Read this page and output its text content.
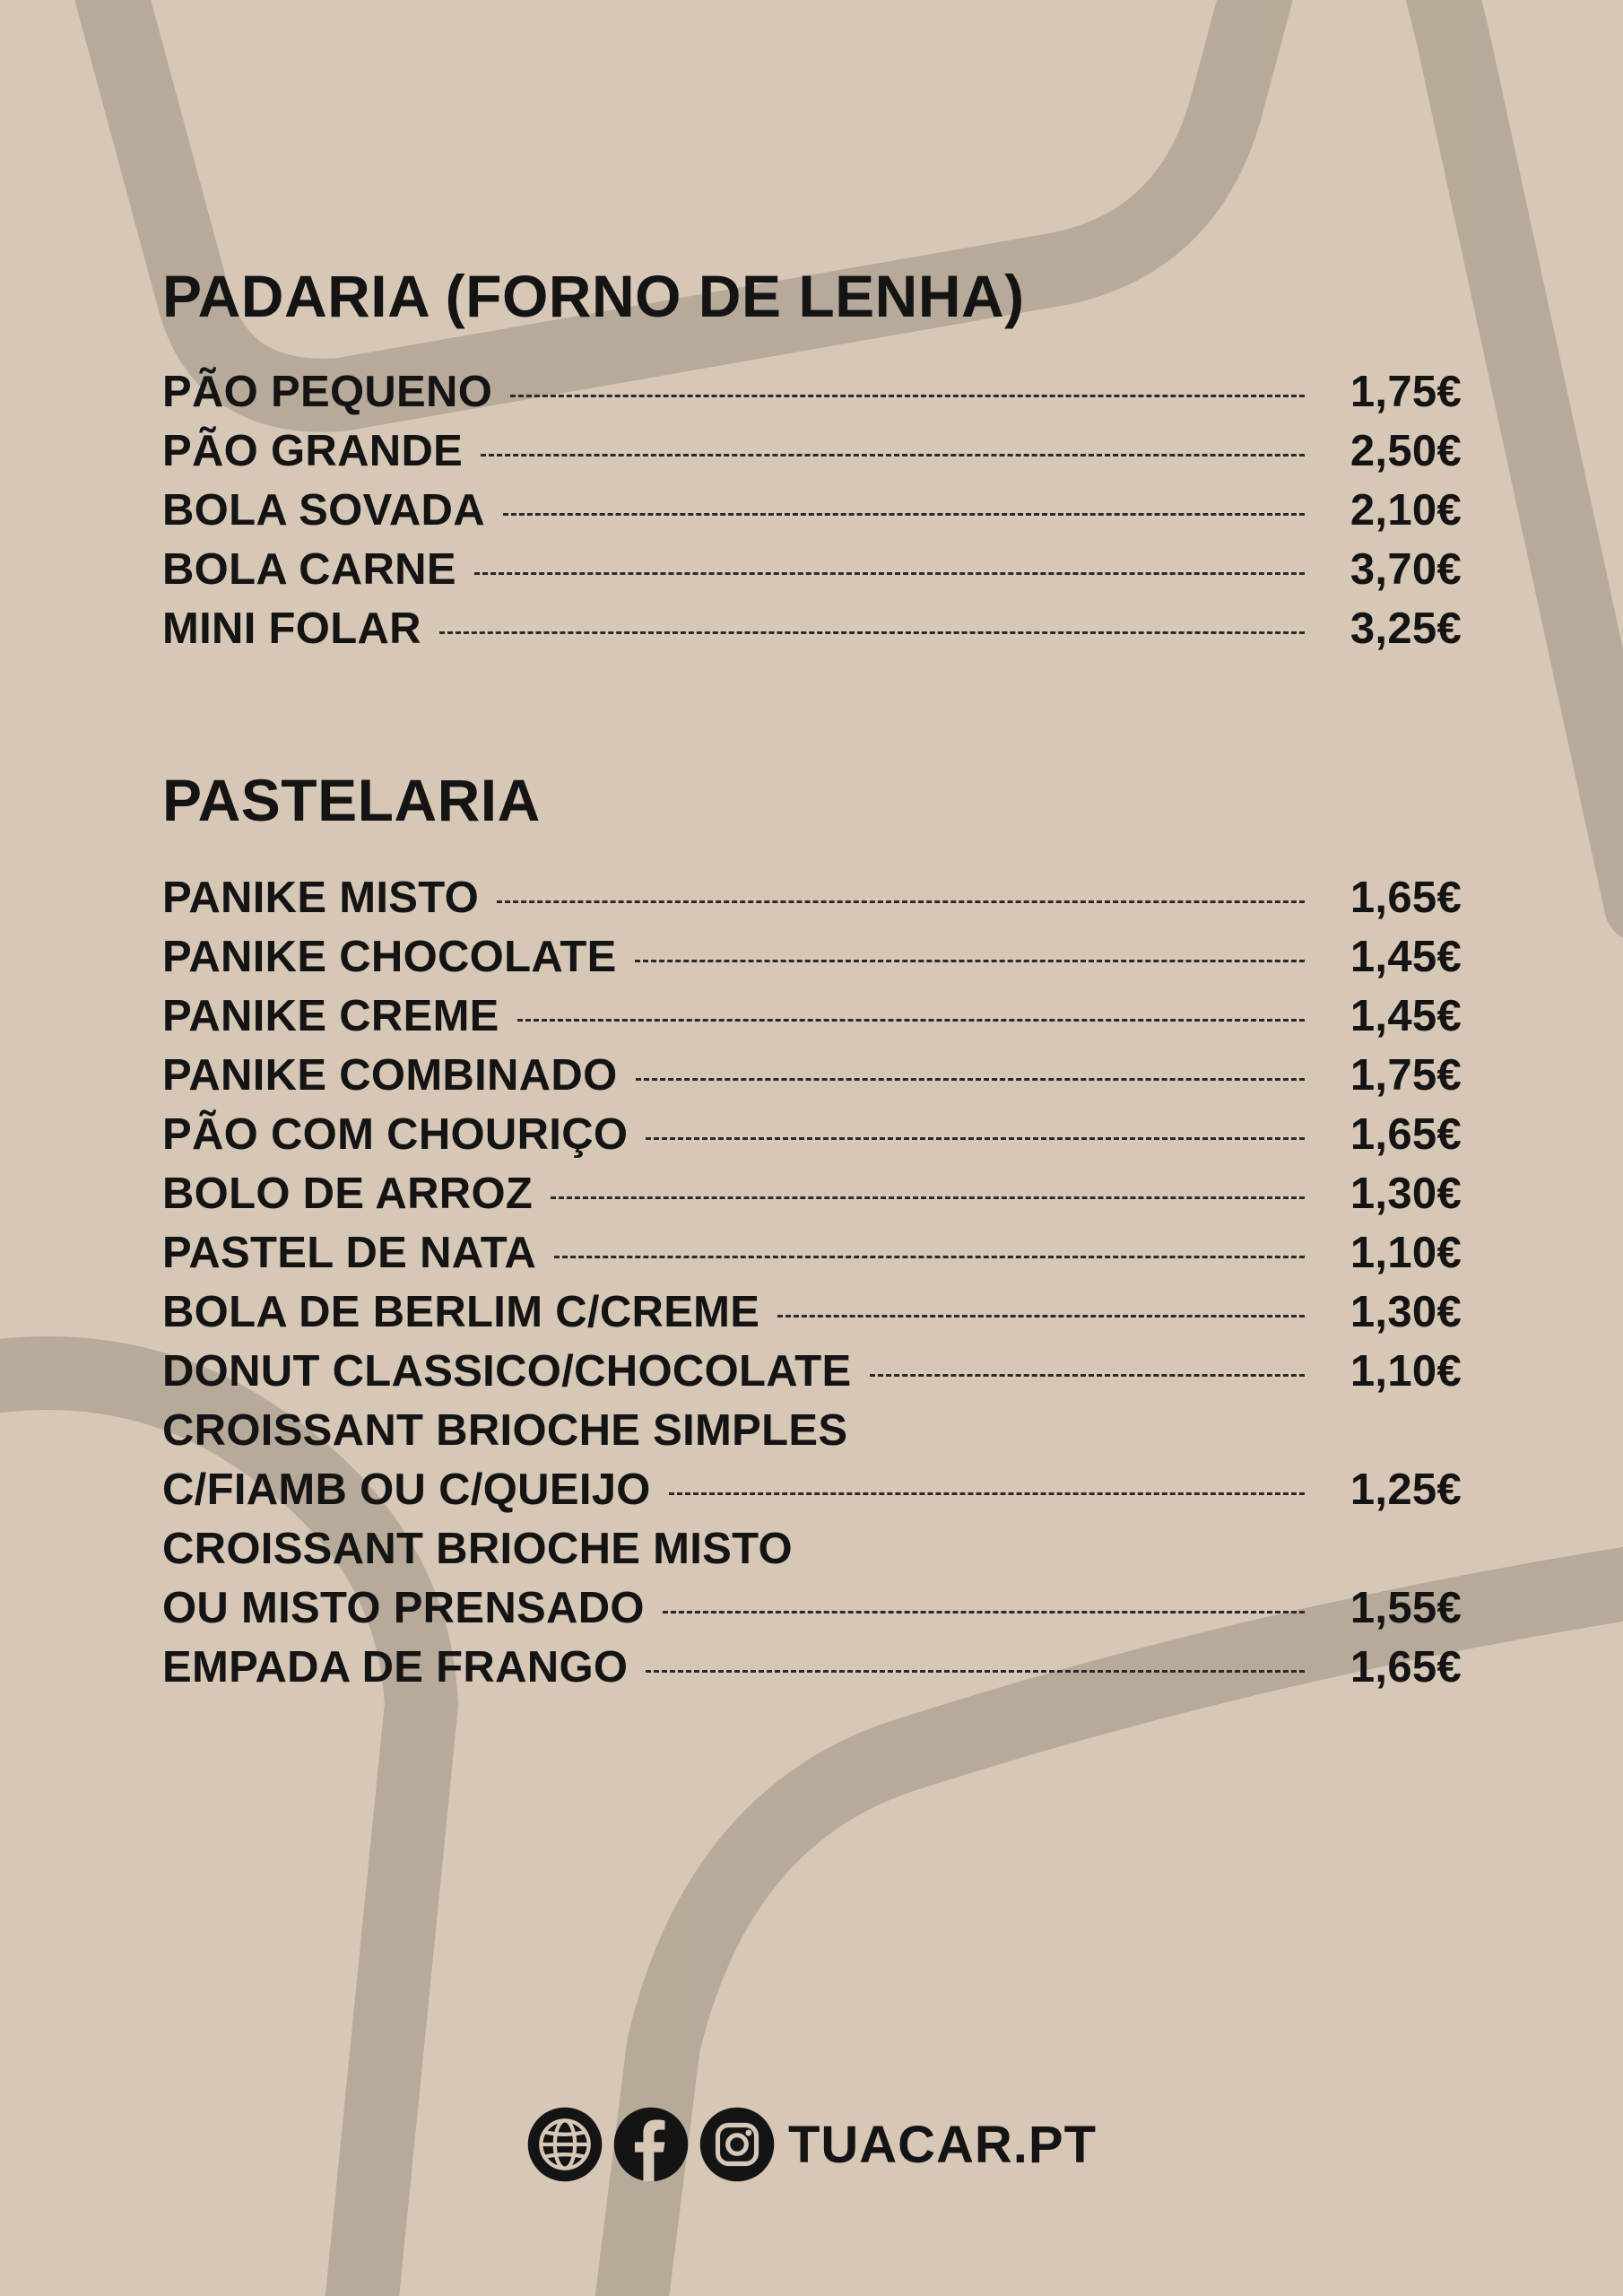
PADARIA (FORNO DE LENHA)
PÃO PEQUENO	1,75€
PÃO GRANDE	2,50€
BOLA SOVADA	2,10€
BOLA CARNE	3,70€
MINI FOLAR	3,25€
PASTELARIA
PANIKE MISTO	1,65€
PANIKE CHOCOLATE	1,45€
PANIKE CREME	1,45€
PANIKE COMBINADO	1,75€
PÃO COM CHOURIÇO	1,65€
BOLO DE ARROZ	1,30€
PASTEL DE NATA	1,10€
BOLA DE BERLIM C/CREME	1,30€
DONUT CLASSICO/CHOCOLATE	1,10€
CROISSANT BRIOCHE SIMPLES
C/FIAMB OU C/QUEIJO	1,25€
CROISSANT BRIOCHE MISTO
OU MISTO PRENSADO	1,55€
EMPADA DE FRANGO	1,65€
TUACAR.PT
